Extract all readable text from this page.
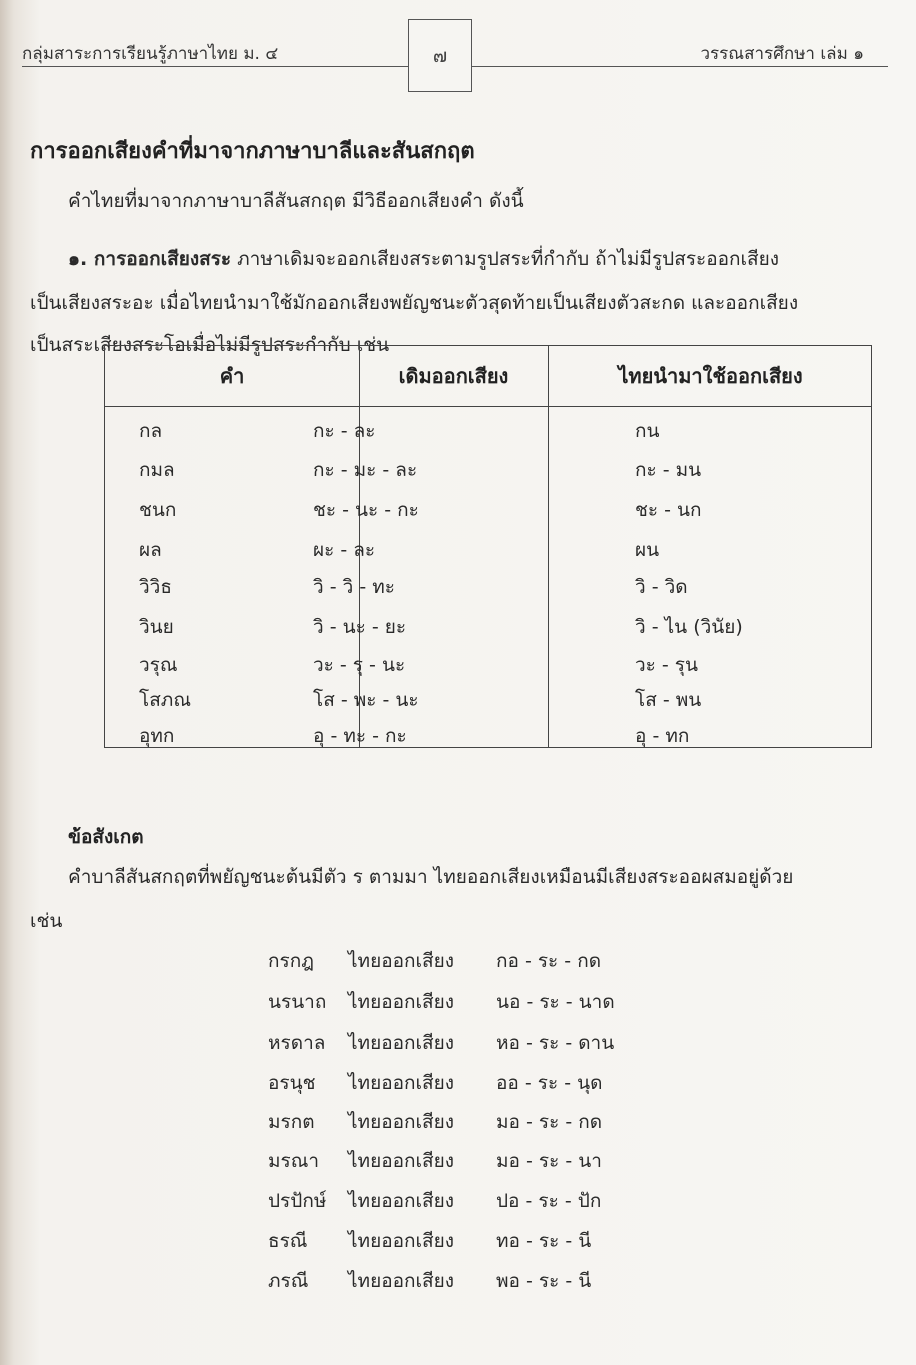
กลุ่มสาระการเรียนรู้ภาษาไทย ม. ๔	๗	วรรณสารศึกษา เล่ม ๑
การออกเสียงคำที่มาจากภาษาบาลีและสันสกฤต
คำไทยที่มาจากภาษาบาลีสันสกฤต มีวิธีออกเสียงคำ ดังนี้
๑. การออกเสียงสระ ภาษาเดิมจะออกเสียงสระตามรูปสระที่กำกับ ถ้าไม่มีรูปสระออกเสียง
เป็นเสียงสระอะ เมื่อไทยนำมาใช้มักออกเสียงพยัญชนะตัวสุดท้ายเป็นเสียงตัวสะกด และออกเสียง
เป็นสระเสียงสระโอเมื่อไม่มีรูปสระกำกับ เช่น
คำ	เดิมออกเสียง	ไทยนำมาใช้ออกเสียง
กล	กะ - ละ	กน
กมล	กะ - มะ - ละ	กะ - มน
ชนก	ชะ - นะ - กะ	ชะ - นก
ผล	ผะ - ละ	ผน
วิวิธ	วิ - วิ - ทะ	วิ - วิด
วินย	วิ - นะ - ยะ	วิ - ไน (วินัย)
วรุณ	วะ - รุ - นะ	วะ - รุน
โสภณ	โส - พะ - นะ	โส - พน
อุทก	อุ - ทะ - กะ	อุ - ทก
ข้อสังเกต
คำบาลีสันสกฤตที่พยัญชนะต้นมีตัว ร ตามมา ไทยออกเสียงเหมือนมีเสียงสระออผสมอยู่ด้วย
เช่น
กรกฎ ไทยออกเสียง กอ - ระ - กด
นรนาถ ไทยออกเสียง นอ - ระ - นาด
หรดาล ไทยออกเสียง หอ - ระ - ดาน
อรนุช ไทยออกเสียง ออ - ระ - นุด
มรกต ไทยออกเสียง มอ - ระ - กด
มรณา ไทยออกเสียง มอ - ระ - นา
ปรปักษ์ ไทยออกเสียง ปอ - ระ - ปัก
ธรณี ไทยออกเสียง ทอ - ระ - นี
ภรณี ไทยออกเสียง พอ - ระ - นี
